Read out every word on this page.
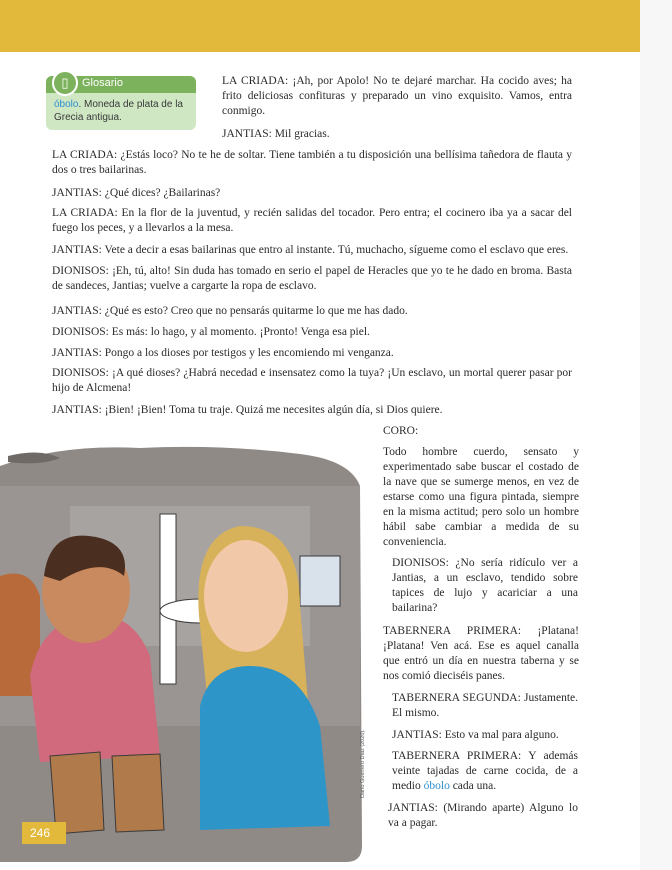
▯	Glosario
óbolo. Moneda de plata de la Grecia antigua.

LA CRIADA: ¡Ah, por Apolo! No te dejaré marchar. Ha cocido aves; ha frito deliciosas confituras y preparado un vino exquisito. Vamos, entra conmigo.

JANTIAS: Mil gracias.

LA CRIADA: ¿Estás loco? No te he de soltar. Tiene también a tu disposición una bellísima tañedora de flauta y dos o tres bailarinas.

JANTIAS: ¿Qué dices? ¿Bailarinas?

LA CRIADA: En la flor de la juventud, y recién salidas del tocador. Pero entra; el cocinero iba ya a sacar del fuego los peces, y a llevarlos a la mesa.

JANTIAS: Vete a decir a esas bailarinas que entro al instante. Tú, muchacho, sígueme como el esclavo que eres.

DIONISOS: ¡Eh, tú, alto! Sin duda has tomado en serio el papel de Heracles que yo te he dado en broma. Basta de sandeces, Jantias; vuelve a cargarte la ropa de esclavo.

JANTIAS: ¿Qué es esto? Creo que no pensarás quitarme lo que me has dado.

DIONISOS: Es más: lo hago, y al momento. ¡Pronto! Venga esa piel.

JANTIAS: Pongo a los dioses por testigos y les encomiendo mi venganza.

DIONISOS: ¡A qué dioses? ¿Habrá necedad e insensatez como la tuya? ¡Un esclavo, un mortal querer pasar por hijo de Alcmena!

JANTIAS: ¡Bien! ¡Bien! Toma tu traje. Quizá me necesites algún día, si Dios quiere.

CORO:

Todo hombre cuerdo, sensato y experimentado sabe buscar el costado de la nave que se sumerge menos, en vez de estarse como una figura pintada, siempre en la misma actitud; pero solo un hombre hábil sabe cambiar a medida de su conveniencia.

DIONISOS: ¿No sería ridículo ver a Jantias, a un esclavo, tendido sobre tapices de lujo y acariciar a una bailarina?

TABERNERA PRIMERA: ¡Platana! ¡Platana! Ven acá. Ese es aquel canalla que entró un día en nuestra taberna y se nos comió dieciséis panes.

TABERNERA SEGUNDA: Justamente. El mismo.

JANTIAS: Esto va mal para alguno.

TABERNERA PRIMERA: Y además veinte tajadas de carne cocida, de a medio óbolo cada una.

JANTIAS: (Mirando aparte) Alguno lo va a pagar.

Darío Guerrero Díaz (2020).
246
